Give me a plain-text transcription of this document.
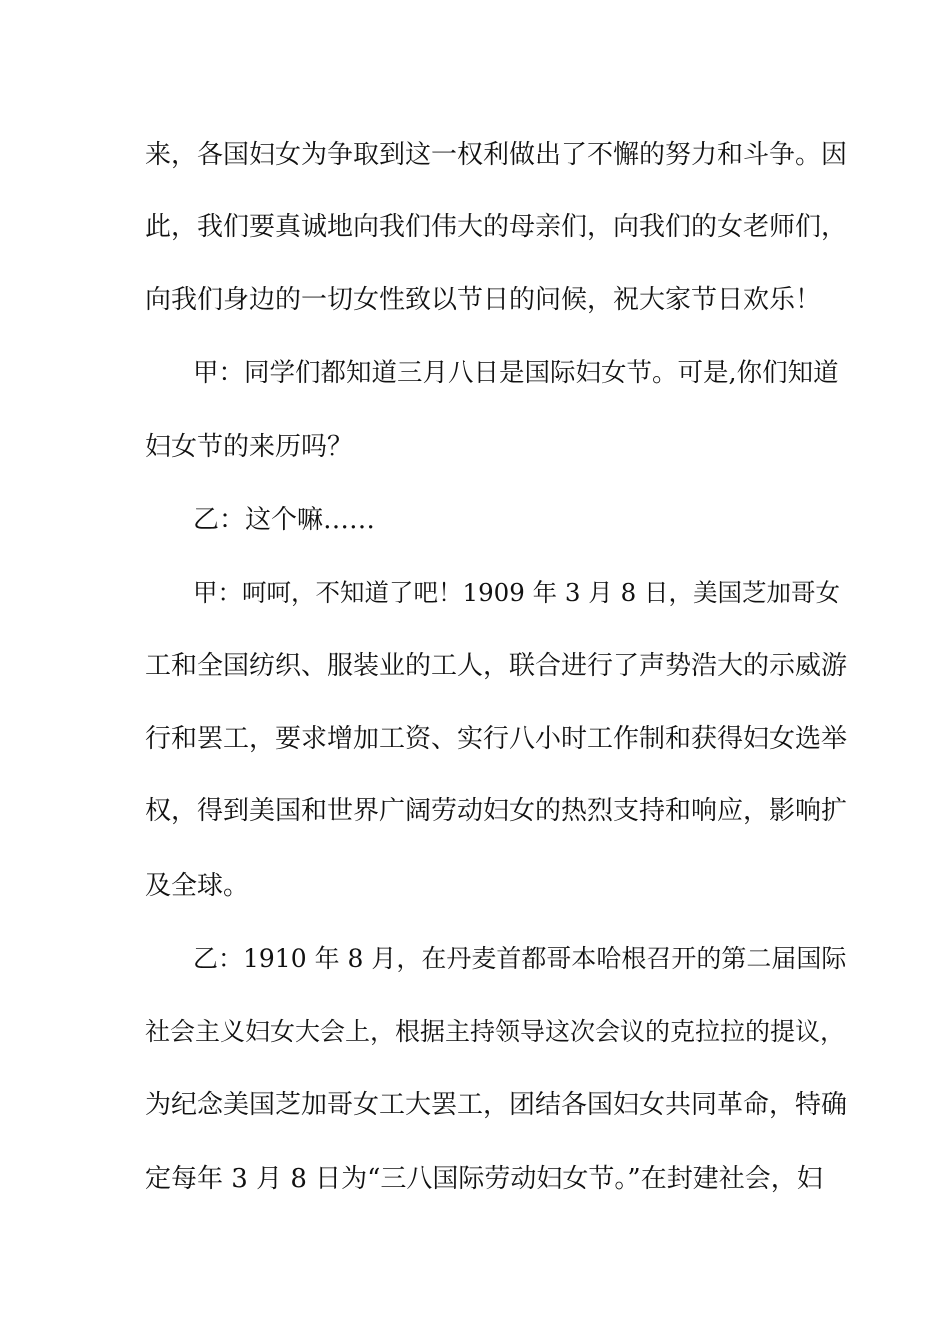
来，各国妇女为争取到这一权利做出了不懈的努力和斗争。因

此，我们要真诚地向我们伟大的母亲们，向我们的女老师们，

向我们身边的一切女性致以节日的问候，祝大家节日欢乐！

甲：同学们都知道三月八日是国际妇女节。可是,你们知道

妇女节的来历吗？

乙：这个嘛……

甲：呵呵，不知道了吧！1909 年 3 月 8 日，美国芝加哥女

工和全国纺织、服装业的工人，联合进行了声势浩大的示威游

行和罢工，要求增加工资、实行八小时工作制和获得妇女选举

权，得到美国和世界广阔劳动妇女的热烈支持和响应，影响扩

及全球。

乙：1910 年 8 月，在丹麦首都哥本哈根召开的第二届国际

社会主义妇女大会上，根据主持领导这次会议的克拉拉的提议，

为纪念美国芝加哥女工大罢工，团结各国妇女共同革命，特确

定每年 3 月 8 日为“三八国际劳动妇女节。”在封建社会，妇
